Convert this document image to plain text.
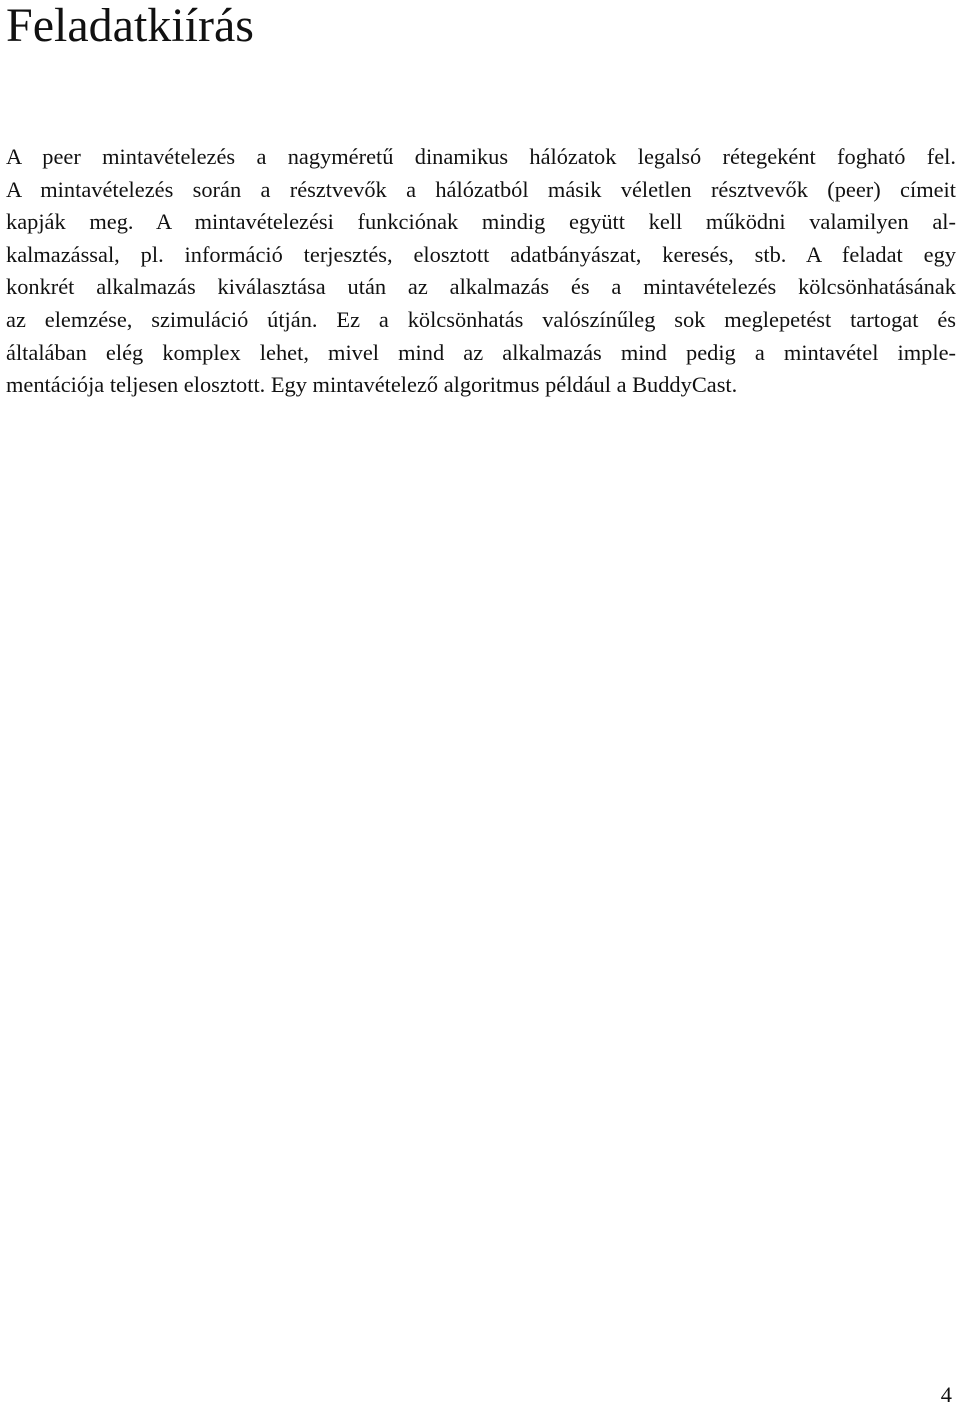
Feladatkiírás

A peer mintavételezés a nagyméretű dinamikus hálózatok legalsó rétegeként fogható fel.
A mintavételezés során a résztvevők a hálózatból másik véletlen résztvevők (peer) címeit
kapják meg. A mintavételezési funkciónak mindig együtt kell működni valamilyen al-
kalmazással, pl. információ terjesztés, elosztott adatbányászat, keresés, stb. A feladat egy
konkrét alkalmazás kiválasztása után az alkalmazás és a mintavételezés kölcsönhatásának
az elemzése, szimuláció útján. Ez a kölcsönhatás valószínűleg sok meglepetést tartogat és
általában elég komplex lehet, mivel mind az alkalmazás mind pedig a mintavétel imple-
mentációja teljesen elosztott. Egy mintavételező algoritmus például a BuddyCast.

4
